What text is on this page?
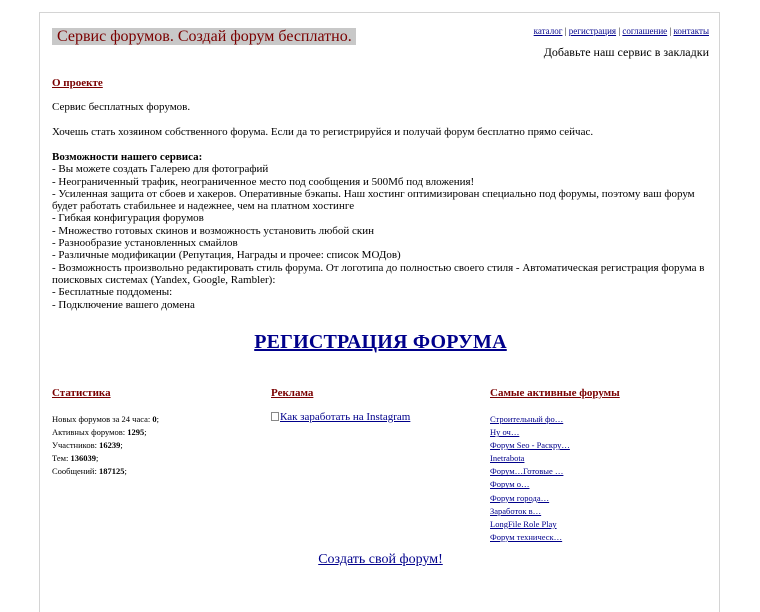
Сервис форумов. Создай форум бесплатно.	каталог | регистрация | соглашение | контакты
Добавьте наш сервис в закладки
О проекте
Сервис бесплатных форумов.
Хочешь стать хозяином собственного форума. Если да то регистрируйся и получай форум бесплатно прямо сейчас.

Возможности нашего сервиса:

- Вы можете создать Галерею для фотографий

- Неограниченный трафик, неограниченное место под сообщения и 500Мб под вложения!

- Усиленная защита от сбоев и хакеров. Оперативные бэкапы. Наш хостинг оптимизирован специально под форумы, поэтому ваш форум будет работать стабильнее и надежнее, чем на платном хостинге

- Гибкая конфигурация форумов

- Множество готовых скинов и возможность установить любой скин

- Разнообразие установленных смайлов

- Различные модификации (Репутация, Награды и прочее: список МОДов)

- Возможность произвольно редактировать стиль форума. От логотипа до полностью своего стиля - Автоматическая регистрация форума в поисковых системах (Yandex, Google, Rambler):

- Бесплатные поддомены:

- Подключение вашего домена

РЕГИСТРАЦИЯ ФОРУМА
Статистика
Новых форумов за 24 часа: 0;
Активных форумов: 1295;
Участников: 16239;
Тем: 136039;
Сообщений: 187125;
Реклама
Как заработать на Instagram
Самые активные форумы
Строительный фо…
Ну оч…
Форум Seo - Раскру…
Inetrabota
Форум…Готовые …
Форум о…
Форум города…
Заработок в…
LongFile Role Play
Форум техническ…
Создать свой форум!
